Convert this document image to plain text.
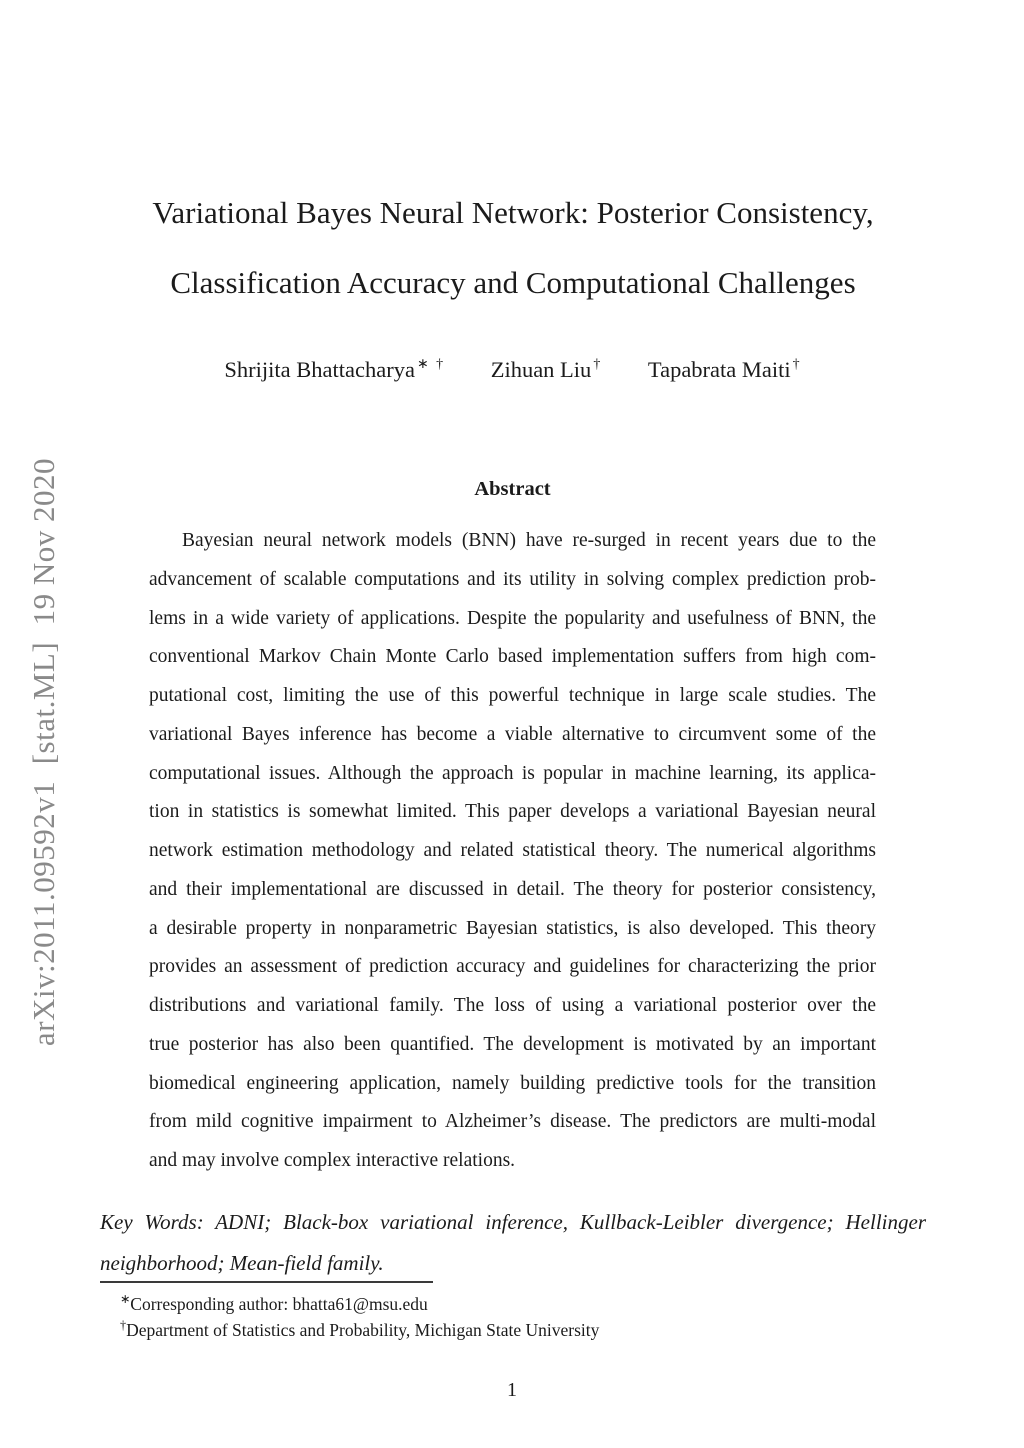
arXiv:2011.09592v1  [stat.ML]  19 Nov 2020
Variational Bayes Neural Network: Posterior Consistency,
Classification Accuracy and Computational Challenges
Shrijita Bhattacharya ∗ † Zihuan Liu † Tapabrata Maiti †
Abstract
Bayesian neural network models (BNN) have re-surged in recent years due to the
advancement of scalable computations and its utility in solving complex prediction prob-
lems in a wide variety of applications. Despite the popularity and usefulness of BNN, the
conventional Markov Chain Monte Carlo based implementation suffers from high com-
putational cost, limiting the use of this powerful technique in large scale studies. The
variational Bayes inference has become a viable alternative to circumvent some of the
computational issues. Although the approach is popular in machine learning, its applica-
tion in statistics is somewhat limited. This paper develops a variational Bayesian neural
network estimation methodology and related statistical theory. The numerical algorithms
and their implementational are discussed in detail. The theory for posterior consistency,
a desirable property in nonparametric Bayesian statistics, is also developed. This theory
provides an assessment of prediction accuracy and guidelines for characterizing the prior
distributions and variational family. The loss of using a variational posterior over the
true posterior has also been quantified. The development is motivated by an important
biomedical engineering application, namely building predictive tools for the transition
from mild cognitive impairment to Alzheimer’s disease. The predictors are multi-modal
and may involve complex interactive relations.
Key Words: ADNI; Black-box variational inference, Kullback-Leibler divergence; Hellinger
neighborhood; Mean-field family.
∗Corresponding author: bhatta61@msu.edu
†Department of Statistics and Probability, Michigan State University
1
